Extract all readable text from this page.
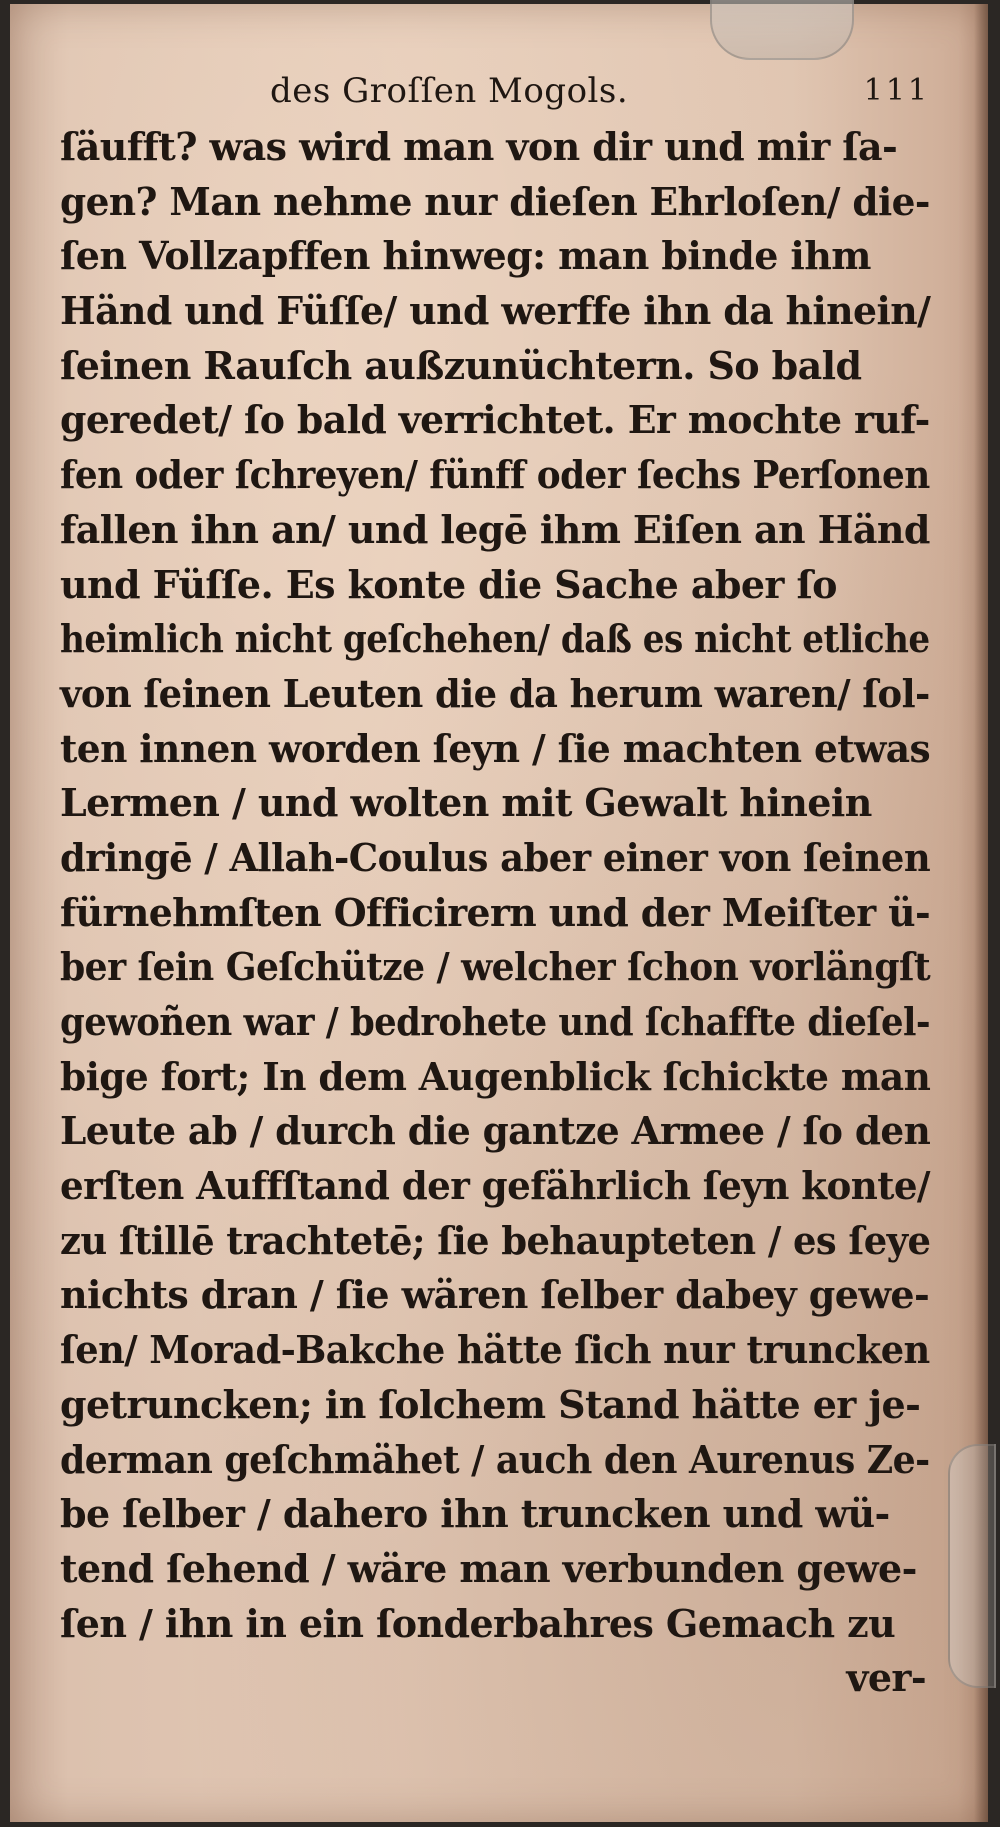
des Groſſen Mogols.	111
ſäufft? was wird man von dir und mir ſa-
gen? Man nehme nur dieſen Ehrloſen/ die-
ſen Vollzapffen hinweg: man binde ihm
Händ und Füſſe/ und werffe ihn da hinein/
ſeinen Rauſch außzunüchtern. So bald
geredet/ ſo bald verrichtet. Er mochte ruf-
fen oder ſchreyen/ fünff oder ſechs Perſonen
fallen ihn an/ und legē ihm Eiſen an Händ
und Füſſe. Es konte die Sache aber ſo
heimlich nicht geſchehen/ daß es nicht etliche
von ſeinen Leuten die da herum waren/ ſol-
ten innen worden ſeyn / ſie machten etwas
Lermen / und wolten mit Gewalt hinein
dringē / Allah-Coulus aber einer von ſeinen
fürnehmſten Officirern und der Meiſter ü-
ber ſein Geſchütze / welcher ſchon vorlängſt
gewoñen war / bedrohete und ſchaffte dieſel-
bige fort; In dem Augenblick ſchickte man
Leute ab / durch die gantze Armee / ſo den
erſten Auffſtand der gefährlich ſeyn konte/
zu ſtillē trachtetē; ſie behaupteten / es ſeye
nichts dran / ſie wären ſelber dabey gewe-
ſen/ Morad-Bakche hätte ſich nur truncken
getruncken; in ſolchem Stand hätte er je-
derman geſchmähet / auch den Aurenus Ze-
be ſelber / dahero ihn truncken und wü-
tend ſehend / wäre man verbunden gewe-
ſen / ihn in ein ſonderbahres Gemach zu
ver-
